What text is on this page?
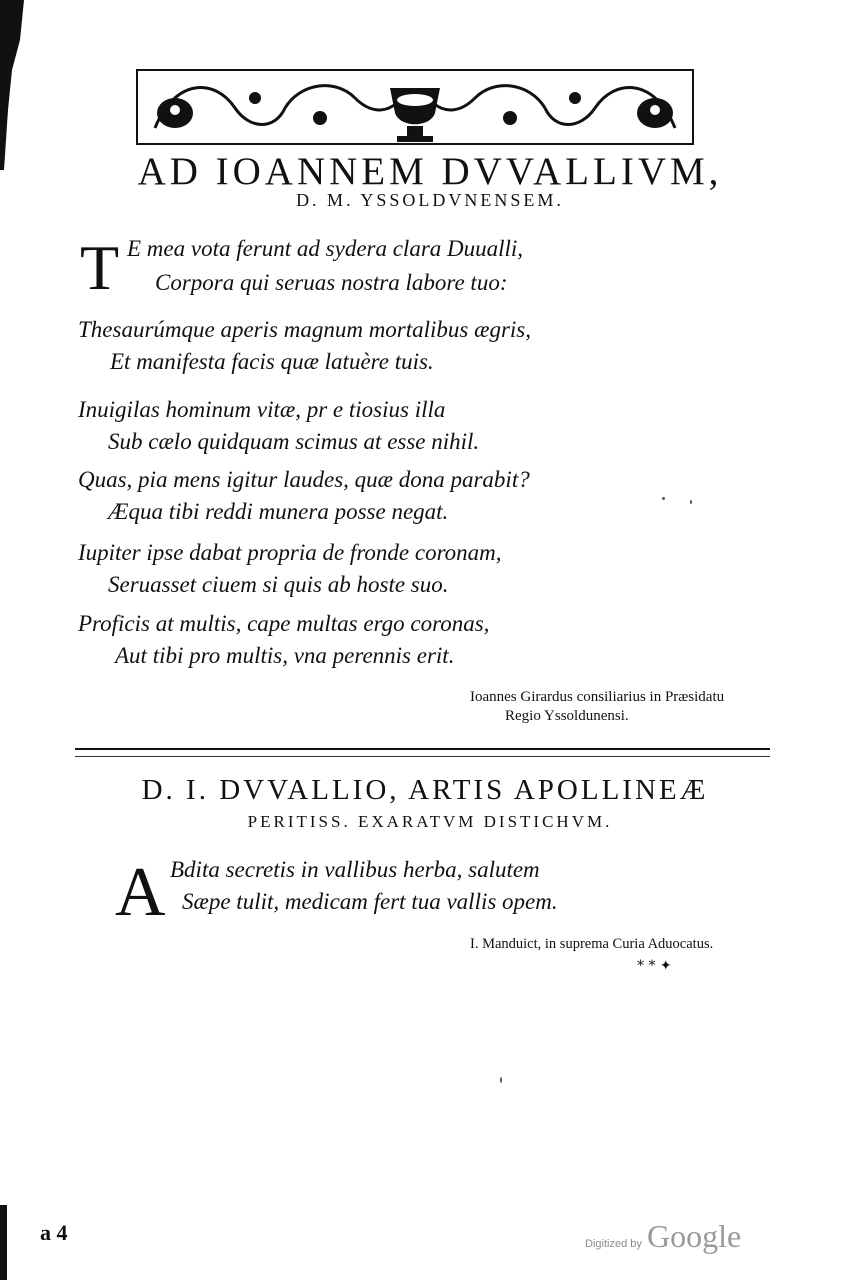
AD IOANNEM DVVALLIVM,
D. M. YSSOLDVNENSEM.
T E mea vota ferunt ad sydera clara Duualli,
Corpora qui seruas nostra labore tuo:
Thesaurúmque aperis magnum mortalibus ægris,
Et manifesta facis quæ latuère tuis.
Inuigilas hominum vitæ, pr e tiosius illa
Sub cælo quidquam scimus at esse nihil.
Quas, pia mens igitur laudes, quæ dona parabit?
Æqua tibi reddi munera posse negat.
Iupiter ipse dabat propria de fronde coronam,
Seruasset ciuem si quis ab hoste suo.
Proficis at multis, cape multas ergo coronas,
Aut tibi pro multis, vna perennis erit.
Ioannes Girardus consiliarius in Præsidatu
Regio Yssoldunensi.
D. I. DVVALLIO, ARTIS APOLLINEÆ
PERITISS. EXARATVM DISTICHVM.
A Bdita secretis in vallibus herba, salutem
Sæpe tulit, medicam fert tua vallis opem.
I. Manduict, in suprema Curia Aduocatus.
* * ✦
a 4	Digitized by Google
